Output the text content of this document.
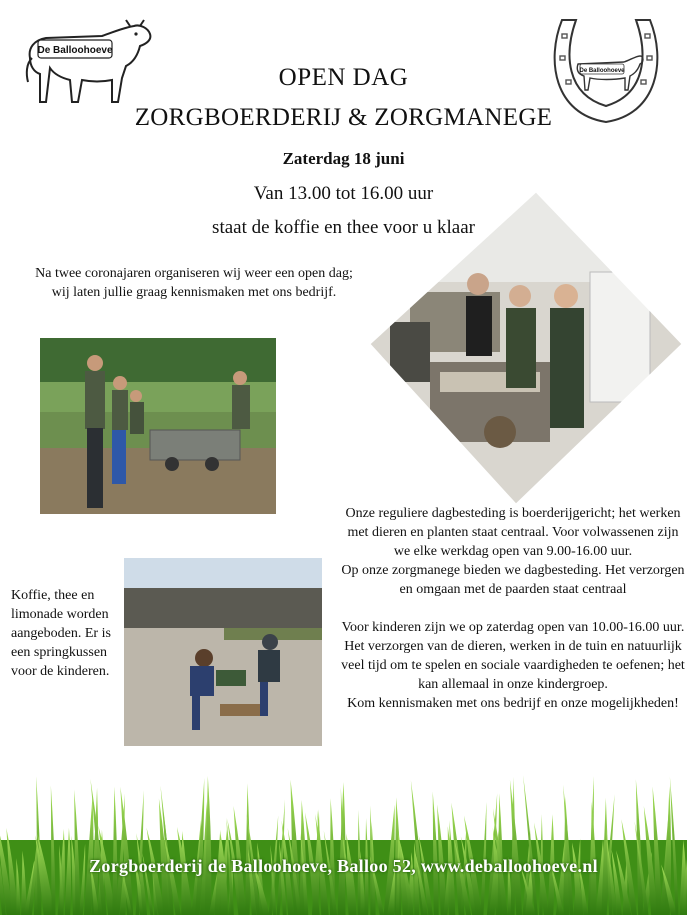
De Balloohoeve
De Balloohoeve
OPEN DAG
ZORGBOERDERIJ & ZORGMANEGE
Zaterdag 18 juni
Van 13.00 tot 16.00 uur
staat de koffie en thee voor u klaar
Na twee coronajaren organiseren wij weer een open dag; wij laten jullie graag kennismaken met ons bedrijf.
Koffie, thee en limonade worden aangeboden. Er is een springkussen voor de kinderen.

Onze reguliere dagbesteding is boerderijgericht; het werken met dieren en planten staat centraal. Voor volwassenen zijn we elke werkdag open van 9.00-16.00 uur.

Op onze zorgmanege bieden we dagbesteding. Het verzorgen en omgaan met de paarden staat centraal

Voor kinderen zijn we op zaterdag open van 10.00-16.00 uur. Het verzorgen van de dieren, werken in de tuin en natuurlijk veel tijd om te spelen en sociale vaardigheden te oefenen; het kan allemaal in onze kindergroep.

Kom kennismaken met ons bedrijf en onze mogelijkheden!

Zorgboerderij de Balloohoeve, Balloo 52, www.deballoohoeve.nl
